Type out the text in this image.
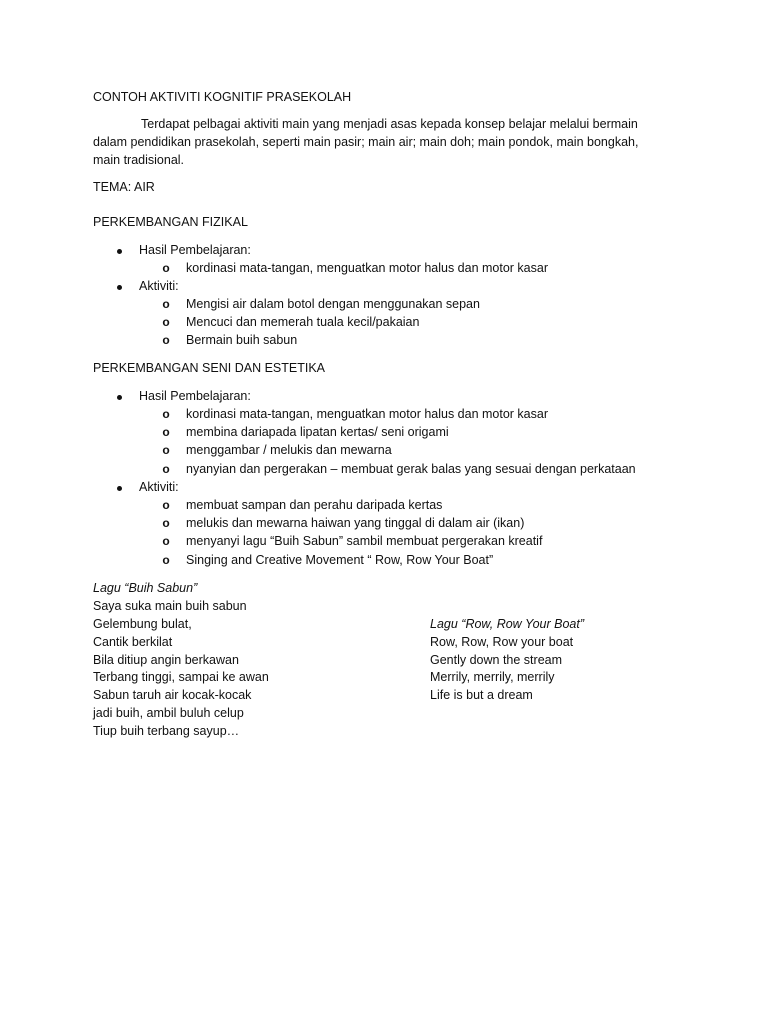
CONTOH AKTIVITI KOGNITIF PRASEKOLAH
Terdapat pelbagai aktiviti main yang menjadi asas kepada konsep belajar melalui bermain
dalam pendidikan prasekolah, seperti main pasir; main air; main doh; main pondok, main bongkah,
main tradisional.
TEMA: AIR
PERKEMBANGAN FIZIKAL
Hasil Pembelajaran:
o kordinasi mata-tangan, menguatkan motor halus dan motor kasar
Aktiviti:
o Mengisi air dalam botol dengan menggunakan sepan
o Mencuci dan memerah tuala kecil/pakaian
o Bermain buih sabun
PERKEMBANGAN SENI DAN ESTETIKA
Hasil Pembelajaran:
o kordinasi mata-tangan, menguatkan motor halus dan motor kasar
o membina dariapada lipatan kertas/ seni origami
o menggambar / melukis dan mewarna
o nyanyian dan pergerakan – membuat gerak balas yang sesuai dengan perkataan
Aktiviti:
o membuat sampan dan perahu daripada kertas
o melukis dan mewarna haiwan yang tinggal di dalam air (ikan)
o menyanyi lagu “Buih Sabun” sambil membuat pergerakan kreatif
o Singing and Creative Movement “ Row, Row Your Boat”
Lagu “Buih Sabun”
Saya suka main buih sabun
Gelembung bulat,
Cantik berkilat
Bila ditiup angin berkawan
Terbang tinggi, sampai ke awan
Sabun taruh air kocak-kocak
jadi buih, ambil buluh celup
Tiup buih terbang sayup…
Lagu “Row, Row Your Boat”
Row, Row, Row your boat
Gently down the stream
Merrily, merrily, merrily
Life is but a dream
